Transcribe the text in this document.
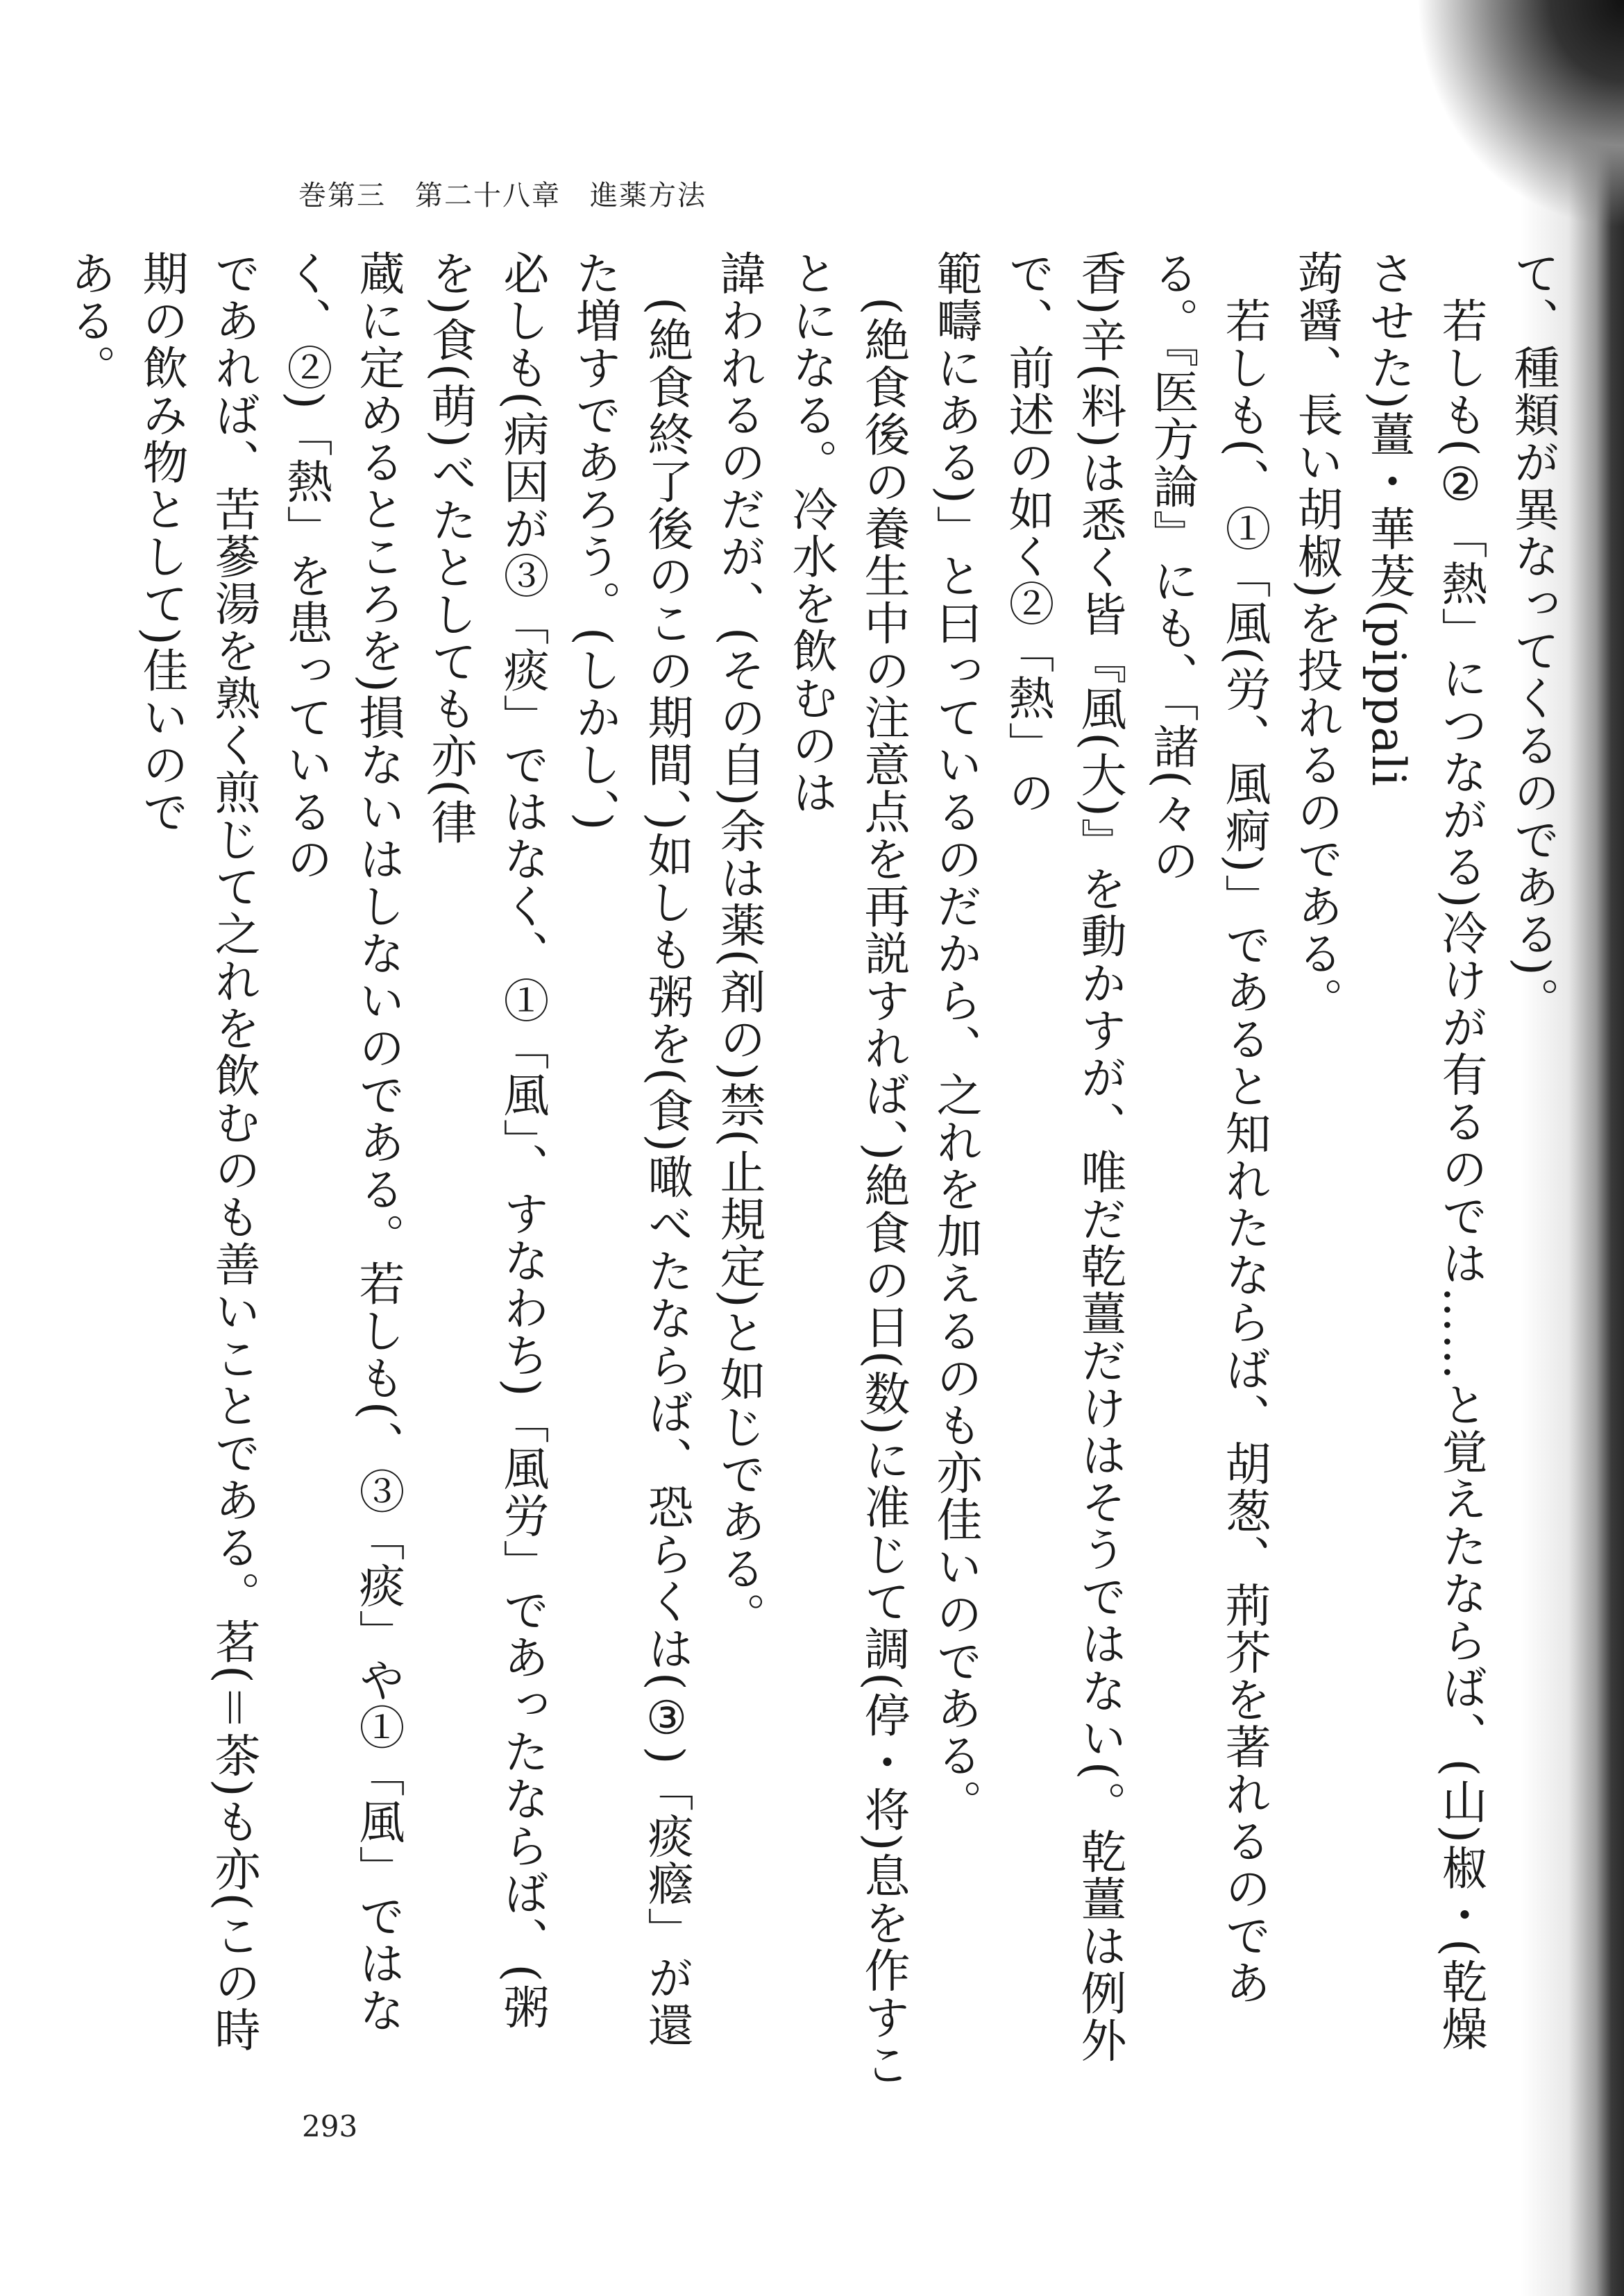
巻第三　第二十八章　進薬方法
て、種類が異なってくるのである)。
　若しも(②「熱」につながる)冷けが有るのでは……と覚えたならば、(山)椒・(乾燥させた)薑・華茇(pippali
蒟醤、長い胡椒)を投れるのである。
　若しも(、①「風(労、風痾)」であると知れたならば、胡葱、荊芥を著れるのである。『医方論』にも、「諸(々の
香)辛(料)は悉く皆『風(大)』を動かすが、唯だ乾薑だけはそうではない(。乾薑は例外で、前述の如く②「熱」の
範疇にある)」と曰っているのだから、之れを加えるのも亦佳いのである。
　(絶食後の養生中の注意点を再説すれば、)絶食の日(数)に准じて調(停・将)息を作すことになる。冷水を飲むのは
諱われるのだが、(その自)余は薬(剤の)禁(止規定)と如じである。
　(絶食終了後のこの期間、)如しも粥を(食)噉べたならば、恐らくは(③)「痰癊」が還た増すであろう。(しかし、)
必しも(病因が③「痰」ではなく、①「風」、すなわち)「風労」であったならば、(粥を)食(萌)べたとしても亦(律
蔵に定めるところを)損ないはしないのである。若しも(、③「痰」や①「風」ではなく、②)「熱」を患っているの
であれば、苦蔘湯を熟く煎じて之れを飲むのも善いことである。茗(＝茶)も亦(この時期の飲み物として)佳いので
ある。

293
